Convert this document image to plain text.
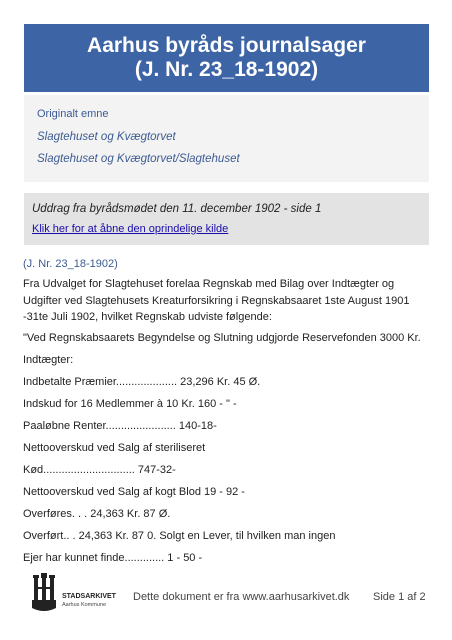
Aarhus byråds journalsager
(J. Nr. 23_18-1902)
Originalt emne
Slagtehuset og Kvægtorvet
Slagtehuset og Kvægtorvet/Slagtehuset
Uddrag fra byrådsmødet den 11. december 1902 - side 1
Klik her for at åbne den oprindelige kilde
(J. Nr. 23_18-1902)
Fra Udvalget for Slagtehuset forelaa Regnskab med Bilag over Indtægter og Udgifter ved Slagtehusets Kreaturforsikring i Regnskabsaaret 1ste August 1901 -31te Juli 1902, hvilket Regnskab udviste følgende:
"Ved Regnskabsaarets Begyndelse og Slutning udgjorde Reservefonden 3000 Kr.
Indtægter:
Indbetalte Præmier.................... 23,296 Kr. 45 Ø.
Indskud for 16 Medlemmer à 10 Kr. 160 - " -
Paaløbne Renter....................... 140-18-
Nettooverskud ved Salg af steriliseret
Kød.............................. 747-32-
Nettooverskud ved Salg af kogt Blod 19 - 92 -
Overføres. . . 24,363 Kr. 87 Ø.
Overført.. . 24,363 Kr. 87 0. Solgt en Lever, til hvilken man ingen
Ejer har kunnet finde............. 1 - 50 -
STADSARKIVET
Aarhus Kommune
Dette dokument er fra www.aarhusarkivet.dk Side 1 af 2
